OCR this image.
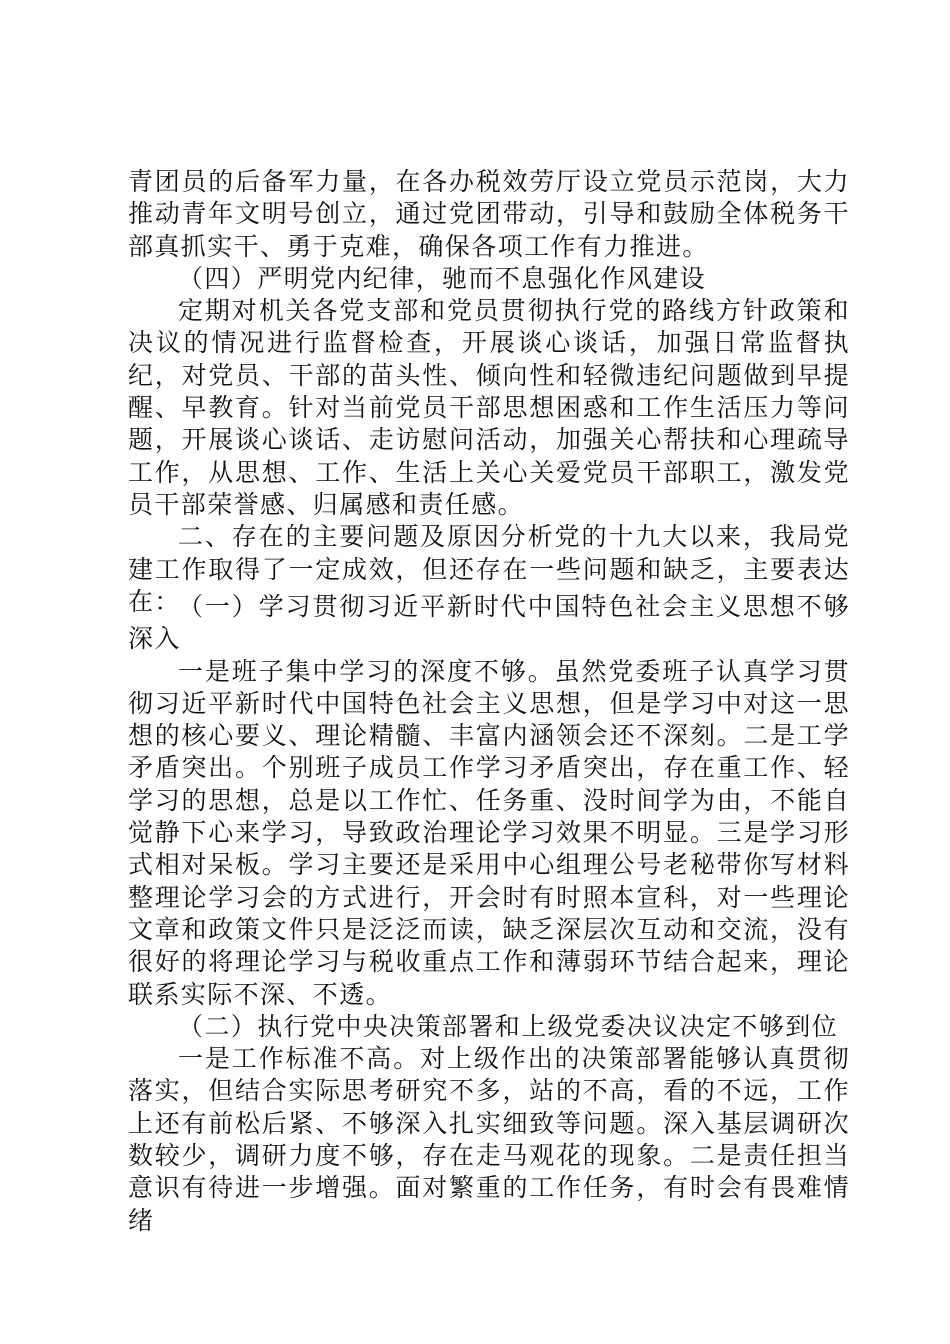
青团员的后备军力量，在各办税效劳厅设立党员示范岗，大力推动青年文明号创立，通过党团带动，引导和鼓励全体税务干部真抓实干、勇于克难，确保各项工作有力推进。

（四）严明党内纪律，驰而不息强化作风建设

定期对机关各党支部和党员贯彻执行党的路线方针政策和决议的情况进行监督检查，开展谈心谈话，加强日常监督执纪，对党员、干部的苗头性、倾向性和轻微违纪问题做到早提醒、早教育。针对当前党员干部思想困惑和工作生活压力等问题，开展谈心谈话、走访慰问活动，加强关心帮扶和心理疏导工作，从思想、工作、生活上关心关爱党员干部职工，激发党员干部荣誉感、归属感和责任感。

二、存在的主要问题及原因分析党的十九大以来，我局党建工作取得了一定成效，但还存在一些问题和缺乏，主要表达在：

（一）学习贯彻习近平新时代中国特色社会主义思想不够深入

一是班子集中学习的深度不够。虽然党委班子认真学习贯彻习近平新时代中国特色社会主义思想，但是学习中对这一思想的核心要义、理论精髓、丰富内涵领会还不深刻。二是工学矛盾突出。个别班子成员工作学习矛盾突出，存在重工作、轻学习的思想，总是以工作忙、任务重、没时间学为由，不能自觉静下心来学习，导致政治理论学习效果不明显。三是学习形式相对呆板。学习主要还是采用中心组理公号老秘带你写材料整理论学习会的方式进行，开会时有时照本宣科，对一些理论文章和政策文件只是泛泛而读，缺乏深层次互动和交流，没有很好的将理论学习与税收重点工作和薄弱环节结合起来，理论联系实际不深、不透。

（二）执行党中央决策部署和上级党委决议决定不够到位

一是工作标准不高。对上级作出的决策部署能够认真贯彻落实，但结合实际思考研究不多，站的不高，看的不远，工作上还有前松后紧、不够深入扎实细致等问题。深入基层调研次数较少，调研力度不够，存在走马观花的现象。二是责任担当意识有待进一步增强。面对繁重的工作任务，有时会有畏难情绪
